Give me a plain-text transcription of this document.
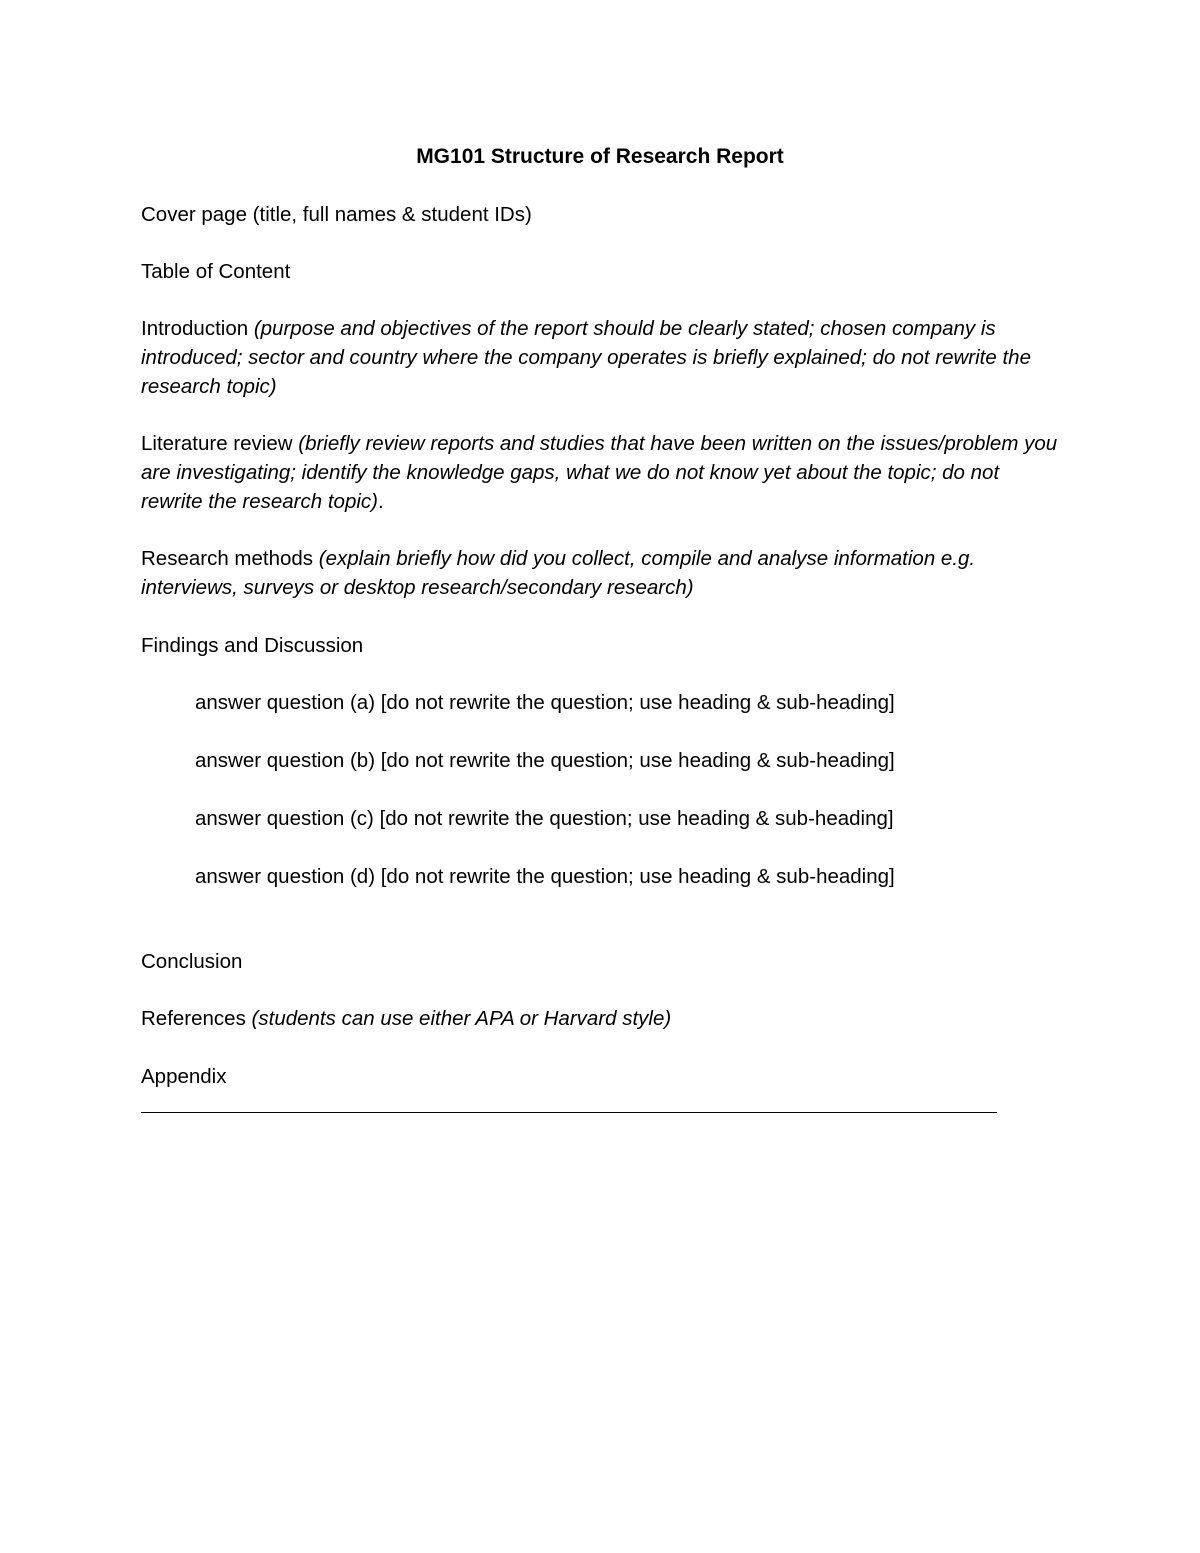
MG101 Structure of Research Report

Cover page (title, full names & student IDs)

Table of Content

Introduction (purpose and objectives of the report should be clearly stated; chosen company is introduced; sector and country where the company operates is briefly explained; do not rewrite the research topic)

Literature review (briefly review reports and studies that have been written on the issues/problem you are investigating; identify the knowledge gaps, what we do not know yet about the topic; do not rewrite the research topic).

Research methods (explain briefly how did you collect, compile and analyse information e.g. interviews, surveys or desktop research/secondary research)

Findings and Discussion

answer question (a) [do not rewrite the question; use heading & sub-heading]

answer question (b) [do not rewrite the question; use heading & sub-heading]

answer question (c) [do not rewrite the question; use heading & sub-heading]

answer question (d) [do not rewrite the question; use heading & sub-heading]

Conclusion

References (students can use either APA or Harvard style)

Appendix
